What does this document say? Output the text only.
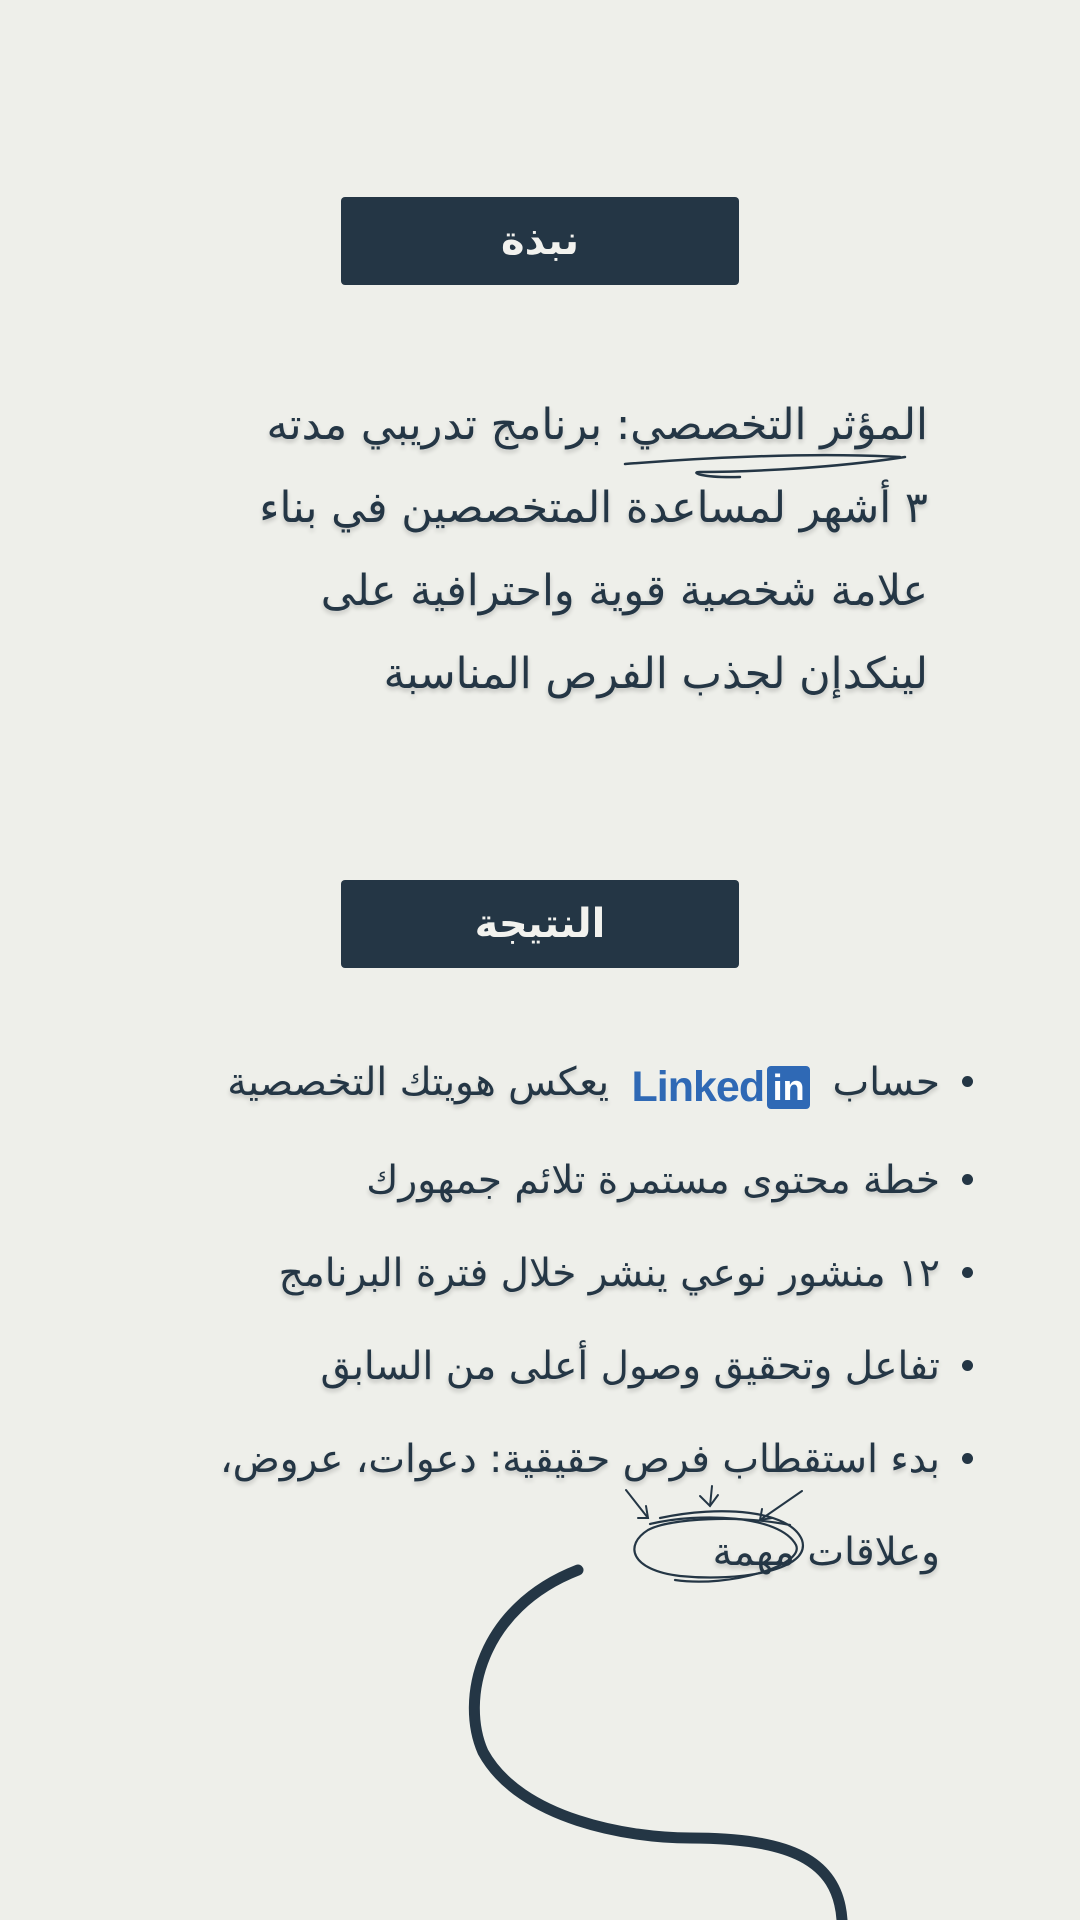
نبذة
المؤثر التخصصي: برنامج تدريبي مدته
٣ أشهر لمساعدة المتخصصين في بناء
علامة شخصية قوية واحترافية على
لينكدإن لجذب الفرص المناسبة
النتيجة
حساب
Linked in
يعكس هويتك التخصصية
خطة محتوى مستمرة تلائم جمهورك
١٢ منشور نوعي ينشر خلال فترة البرنامج
تفاعل وتحقيق وصول أعلى من السابق
بدء استقطاب فرص حقيقية: دعوات، عروض، وعلاقات مهمة
